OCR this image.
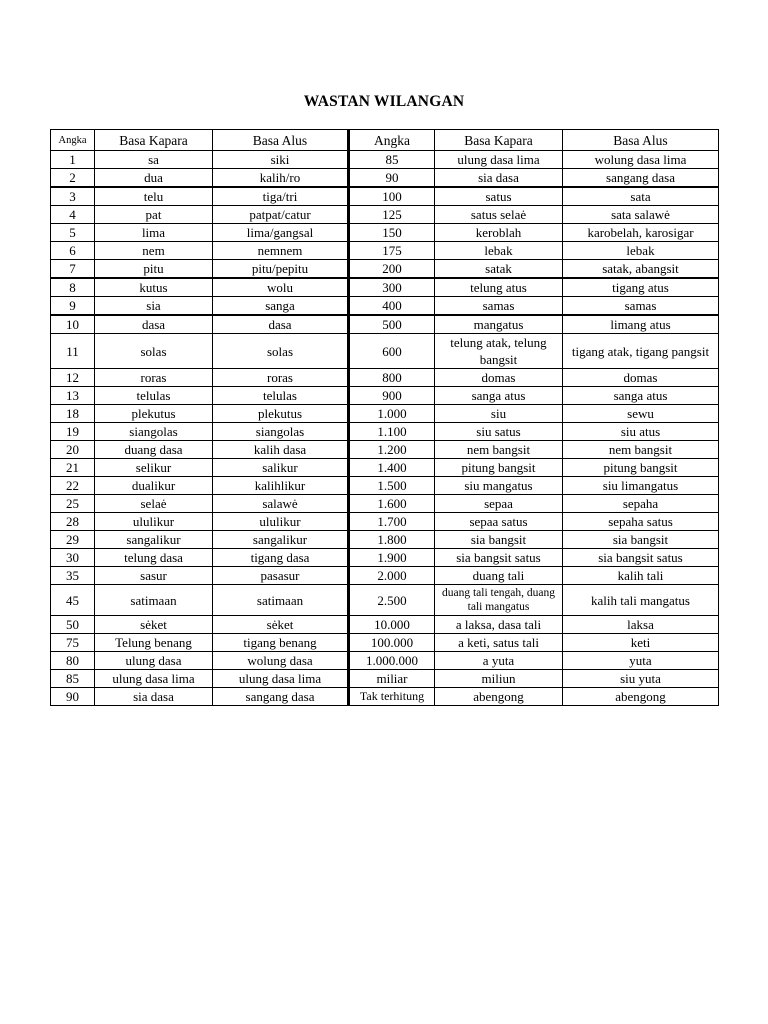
WASTAN WILANGAN
Angka	Basa Kapara	Basa Alus	Angka	Basa Kapara	Basa Alus
1	sa	siki	85	ulung dasa lima	wolung dasa lima
2	dua	kalih/ro	90	sia dasa	sangang dasa
3	telu	tiga/tri	100	satus	sata
4	pat	patpat/catur	125	satus selaė	sata salawė
5	lima	lima/gangsal	150	keroblah	karobelah, karosigar
6	nem	nemnem	175	lebak	lebak
7	pitu	pitu/pepitu	200	satak	satak, abangsit
8	kutus	wolu	300	telung atus	tigang atus
9	sia	sanga	400	samas	samas
10	dasa	dasa	500	mangatus	limang atus
11	solas	solas	600	telung atak, telung bangsit	tigang atak, tigang pangsit
12	roras	roras	800	domas	domas
13	telulas	telulas	900	sanga atus	sanga atus
18	plekutus	plekutus	1.000	siu	sewu
19	siangolas	siangolas	1.100	siu satus	siu atus
20	duang dasa	kalih dasa	1.200	nem bangsit	nem bangsit
21	selikur	salikur	1.400	pitung bangsit	pitung bangsit
22	dualikur	kalihlikur	1.500	siu mangatus	siu limangatus
25	selaė	salawė	1.600	sepaa	sepaha
28	ululikur	ululikur	1.700	sepaa satus	sepaha satus
29	sangalikur	sangalikur	1.800	sia bangsit	sia bangsit
30	telung dasa	tigang dasa	1.900	sia bangsit satus	sia bangsit satus
35	sasur	pasasur	2.000	duang tali	kalih tali
45	satimaan	satimaan	2.500	duang tali tengah, duang tali mangatus	kalih tali mangatus
50	sėket	sėket	10.000	a laksa, dasa tali	laksa
75	Telung benang	tigang benang	100.000	a keti, satus tali	keti
80	ulung dasa	wolung dasa	1.000.000	a yuta	yuta
85	ulung dasa lima	ulung dasa lima	miliar	miliun	siu yuta
90	sia dasa	sangang dasa	Tak terhitung	abengong	abengong
